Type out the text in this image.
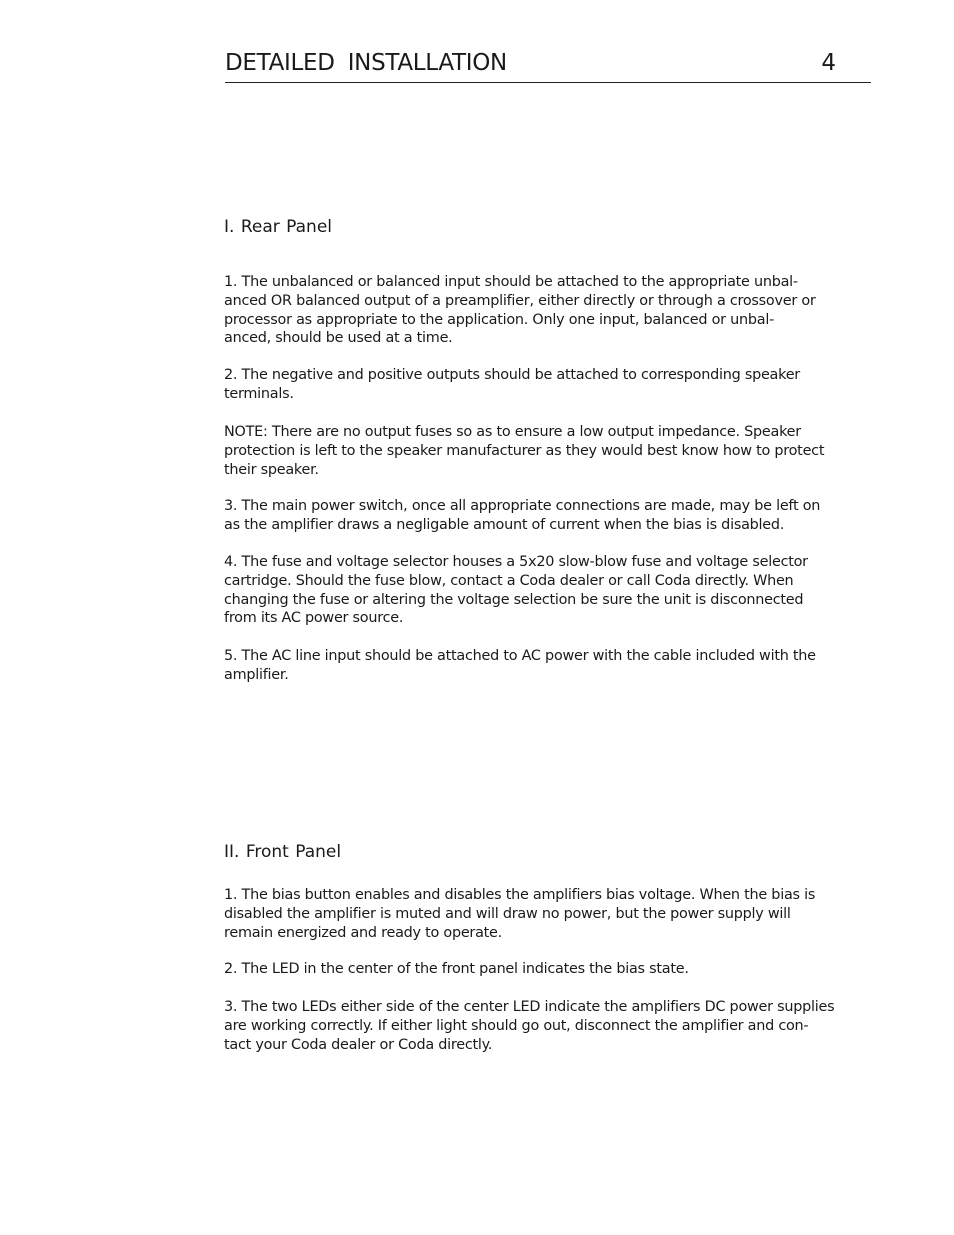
DETAILED INSTALLATION	4
I. Rear Panel
1. The unbalanced or balanced input should be attached to the appropriate unbal-
anced OR balanced output of a preamplifier, either directly or through a crossover or
processor as appropriate to the application. Only one input, balanced or unbal-
anced, should be used at a time.
2. The negative and positive outputs should be attached to corresponding speaker
terminals.
NOTE: There are no output fuses so as to ensure a low output impedance. Speaker
protection is left to the speaker manufacturer as they would best know how to protect
their speaker.
3. The main power switch, once all appropriate connections are made, may be left on
as the amplifier draws a negligable amount of current when the bias is disabled.
4. The fuse and voltage selector houses a 5x20 slow-blow fuse and voltage selector
cartridge. Should the fuse blow, contact a Coda dealer or call Coda directly. When
changing the fuse or altering the voltage selection be sure the unit is disconnected
from its AC power source.
5. The AC line input should be attached to AC power with the cable included with the
amplifier.
II. Front Panel
1. The bias button enables and disables the amplifiers bias voltage. When the bias is
disabled the amplifier is muted and will draw no power, but the power supply will
remain energized and ready to operate.
2. The LED in the center of the front panel indicates the bias state.
3. The two LEDs either side of the center LED indicate the amplifiers DC power supplies
are working correctly. If either light should go out, disconnect the amplifier and con-
tact your Coda dealer or Coda directly.
